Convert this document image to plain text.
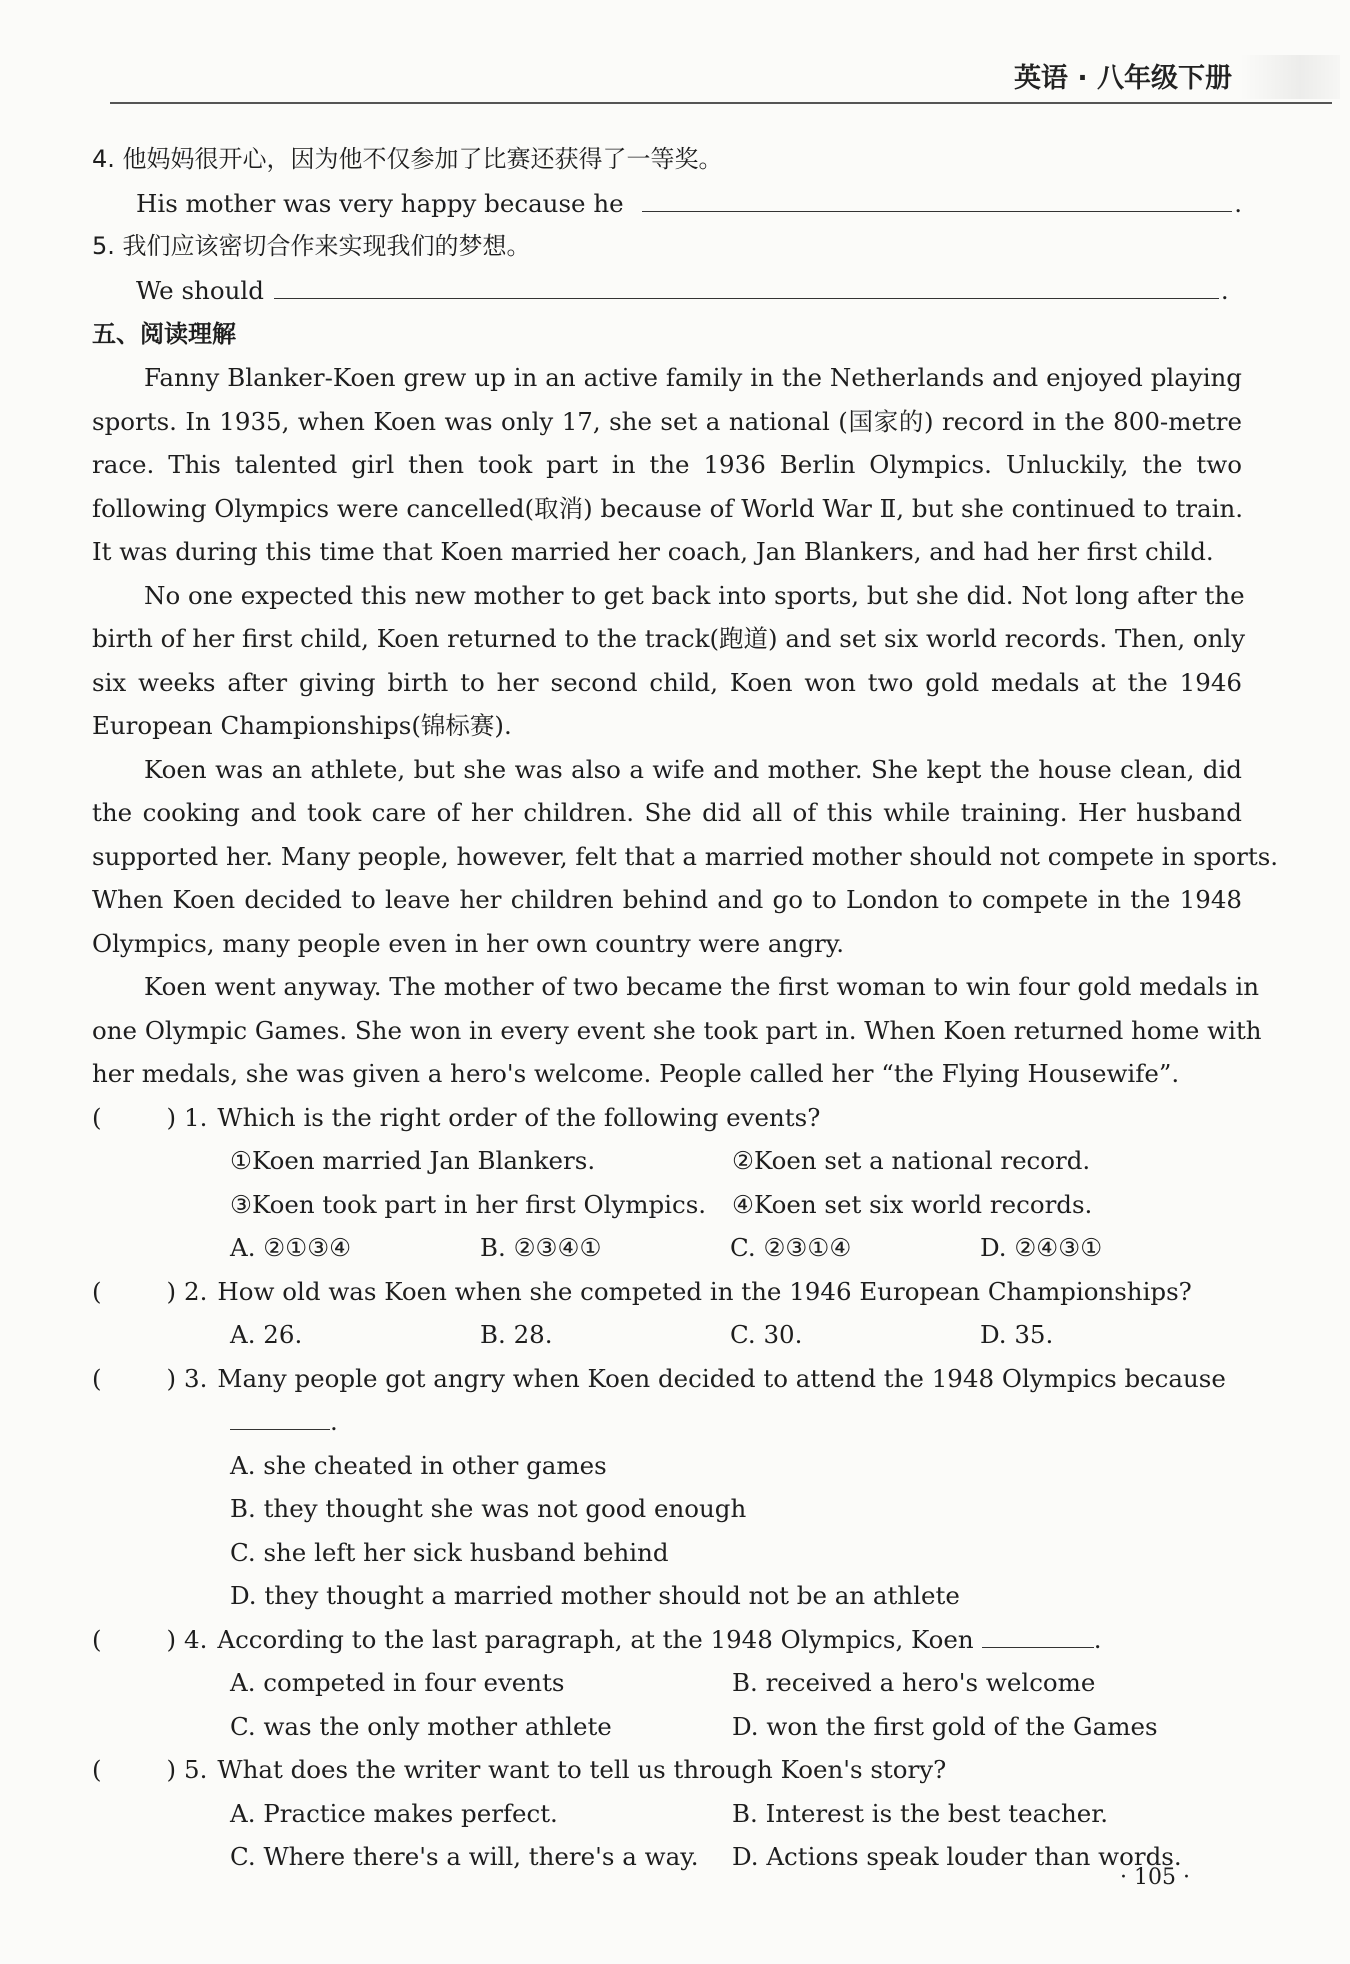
英语 · 八年级下册
4. 他妈妈很开心，因为他不仅参加了比赛还获得了一等奖。
His mother was very happy because he	.
5. 我们应该密切合作来实现我们的梦想。
We should	.
五、阅读理解
Fanny Blanker-Koen grew up in an active family in the Netherlands and enjoyed playing
sports. In 1935, when Koen was only 17, she set a national (国家的) record in the 800-metre
race. This talented girl then took part in the 1936 Berlin Olympics. Unluckily, the two
following Olympics were cancelled(取消) because of World War Ⅱ, but she continued to train.
It was during this time that Koen married her coach, Jan Blankers, and had her first child.
No one expected this new mother to get back into sports, but she did. Not long after the
birth of her first child, Koen returned to the track(跑道) and set six world records. Then, only
six weeks after giving birth to her second child, Koen won two gold medals at the 1946
European Championships(锦标赛).
Koen was an athlete, but she was also a wife and mother. She kept the house clean, did
the cooking and took care of her children. She did all of this while training. Her husband
supported her. Many people, however, felt that a married mother should not compete in sports.
When Koen decided to leave her children behind and go to London to compete in the 1948
Olympics, many people even in her own country were angry.
Koen went anyway. The mother of two became the first woman to win four gold medals in
one Olympic Games. She won in every event she took part in. When Koen returned home with
her medals, she was given a hero's welcome. People called her “the Flying Housewife”.
(	) 1. Which is the right order of the following events?
①Koen married Jan Blankers.	②Koen set a national record.
③Koen took part in her first Olympics.	④Koen set six world records.
A. ②①③④	B. ②③④①	C. ②③①④	D. ②④③①
(	) 2. How old was Koen when she competed in the 1946 European Championships?
A. 26.	B. 28.	C. 30.	D. 35.
(	) 3. Many people got angry when Koen decided to attend the 1948 Olympics because
.
A. she cheated in other games
B. they thought she was not good enough
C. she left her sick husband behind
D. they thought a married mother should not be an athlete
(	) 4. According to the last paragraph, at the 1948 Olympics, Koen	.
A. competed in four events	B. received a hero's welcome
C. was the only mother athlete	D. won the first gold of the Games
(	) 5. What does the writer want to tell us through Koen's story?
A. Practice makes perfect.	B. Interest is the best teacher.
C. Where there's a will, there's a way.	D. Actions speak louder than words.
· 105 ·
